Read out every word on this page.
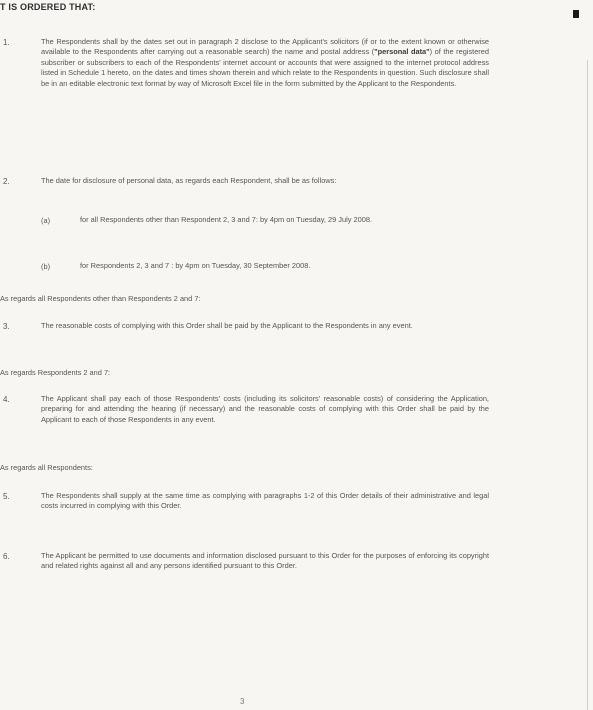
T IS ORDERED THAT:
1.	The Respondents shall by the dates set out in paragraph 2 disclose to the Applicant's solicitors (if or to the extent known or otherwise available to the Respondents after carrying out a reasonable search) the name and postal address ("personal data") of the registered subscriber or subscribers to each of the Respondents' internet account or accounts that were assigned to the internet protocol address listed in Schedule 1 hereto, on the dates and times shown therein and which relate to the Respondents in question. Such disclosure shall be in an editable electronic text format by way of Microsoft Excel file in the form submitted by the Applicant to the Respondents.
2.	The date for disclosure of personal data, as regards each Respondent, shall be as follows:
(a)	for all Respondents other than Respondent 2, 3 and 7: by 4pm on Tuesday, 29 July 2008.
(b)	for Respondents 2, 3 and 7 : by 4pm on Tuesday, 30 September 2008.
As regards all Respondents other than Respondents 2 and 7:
3.	The reasonable costs of complying with this Order shall be paid by the Applicant to the Respondents in any event.
As regards Respondents 2 and 7:
4.	The Applicant shall pay each of those Respondents' costs (including its solicitors' reasonable costs) of considering the Application, preparing for and attending the hearing (if necessary) and the reasonable costs of complying with this Order shall be paid by the Applicant to each of those Respondents in any event.
As regards all Respondents:
5.	The Respondents shall supply at the same time as complying with paragraphs 1-2 of this Order details of their administrative and legal costs incurred in complying with this Order.
6.	The Applicant be permitted to use documents and information disclosed pursuant to this Order for the purposes of enforcing its copyright and related rights against all and any persons identified pursuant to this Order.
3
